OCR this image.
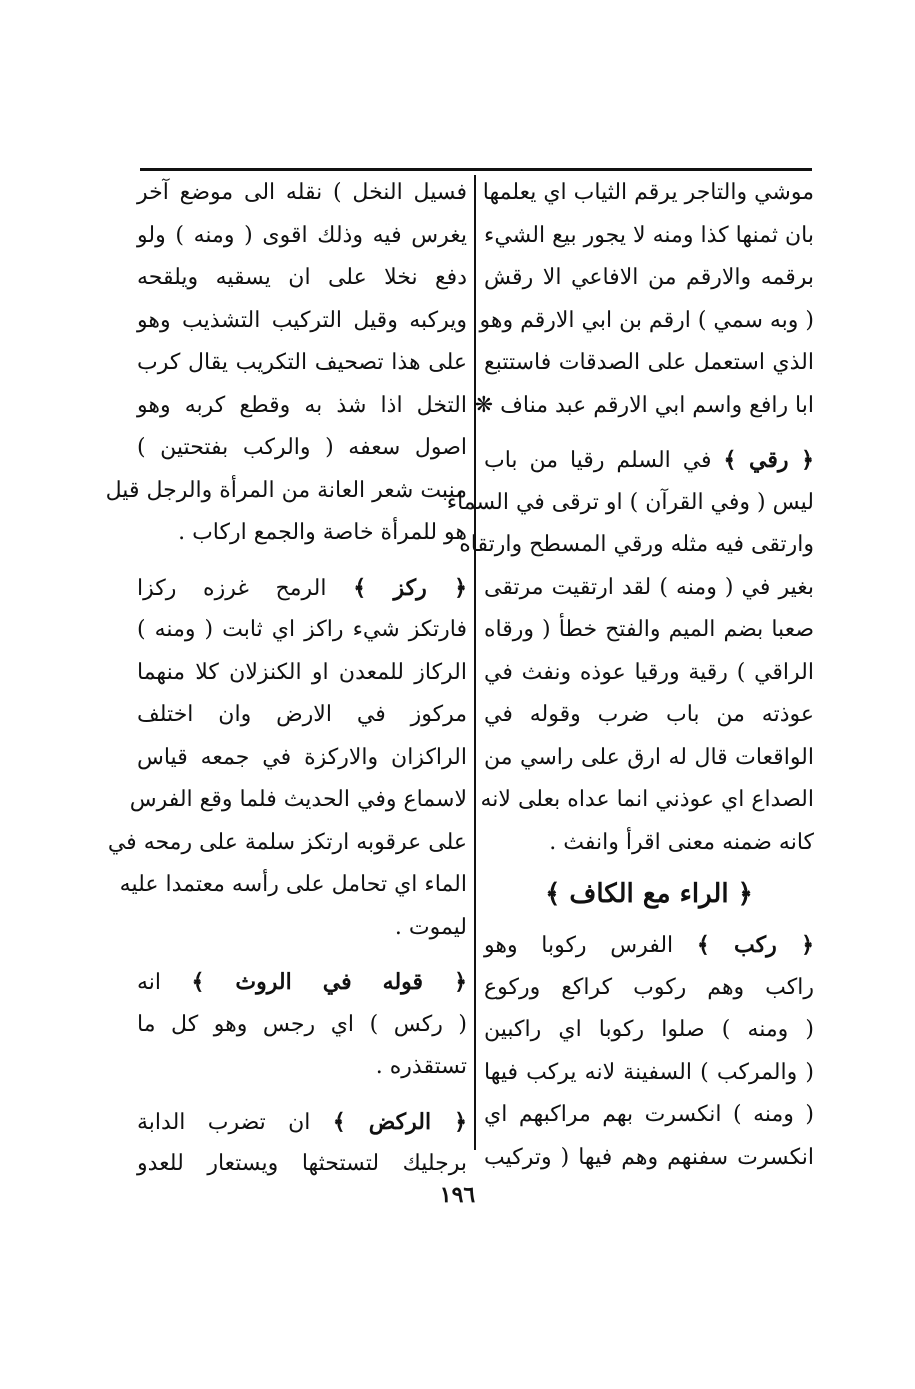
موشي والتاجر يرقم الثياب اي يعلمها
بان ثمنها كذا ومنه لا يجور بيع الشيء
برقمه والارقم من الافاعي الا رقش
( وبه سمي ) ارقم بن ابي الارقم وهو
الذي استعمل على الصدقات فاستتبع
ابا رافع واسم ابي الارقم عبد مناف ❋
﴿ رقي ﴾ في السلم رقيا من باب
ليس ( وفي القرآن ) او ترقى في السماء
وارتقى فيه مثله ورقي المسطح وارتقاه
بغير في ( ومنه ) لقد ارتقيت مرتقى
صعبا بضم الميم والفتح خطأ ( ورقاه
الراقي ) رقية ورقيا عوذه ونفث في
عوذته من باب ضرب وقوله في
الواقعات قال له ارق على راسي من
الصداع اي عوذني انما عداه بعلى لانه
كانه ضمنه معنى اقرأ وانفث .
﴿ الراء مع الكاف ﴾
﴿ ركب ﴾ الفرس ركوبا وهو
راكب وهم ركوب كراكع وركوع
( ومنه ) صلوا ركوبا اي راكبين
( والمركب ) السفينة لانه يركب فيها
( ومنه ) انكسرت بهم مراكبهم اي
انكسرت سفنهم وهم فيها ( وتركيب
فسيل النخل ) نقله الى موضع آخر
يغرس فيه وذلك اقوى ( ومنه ) ولو
دفع نخلا على ان يسقيه ويلقحه
ويركبه وقيل التركيب التشذيب وهو
على هذا تصحيف التكريب يقال كرب
التخل اذا شذ به وقطع كربه وهو
اصول سعفه ( والركب بفتحتين )
منبت شعر العانة من المرأة والرجل قيل
هو للمرأة خاصة والجمع اركاب .
﴿ ركز ﴾ الرمح غرزه ركزا
فارتكز شيء راكز اي ثابت ( ومنه )
الركاز للمعدن او الكنزلان كلا منهما
مركوز في الارض وان اختلف
الراكزان والاركزة في جمعه قياس
لاسماع وفي الحديث فلما وقع الفرس
على عرقوبه ارتكز سلمة على رمحه في
الماء اي تحامل على رأسه معتمدا عليه
ليموت .
﴿ قوله في الروث ﴾ انه
( ركس ) اي رجس وهو كل ما
تستقذره .
﴿ الركض ﴾ ان تضرب الدابة
برجليك لتستحثها ويستعار للعدو
١٩٦
